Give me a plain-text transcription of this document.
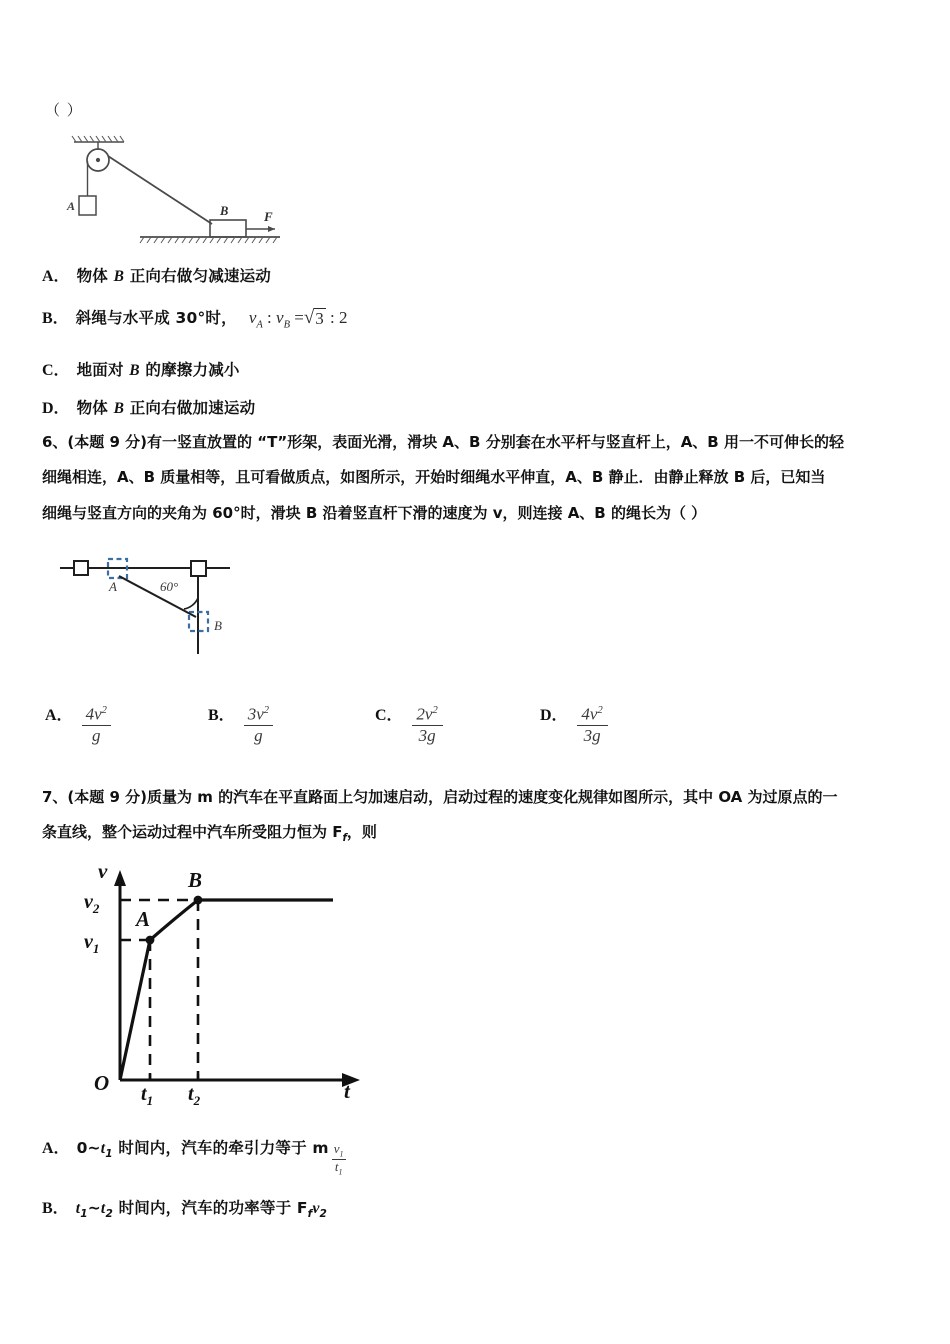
（ ）
A	B	F
A． 物体 B 正向右做匀减速运动
B． 斜绳与水平成 30°时， $v_A$ : $v_B$ = √ 3 : 2
C． 地面对 B 的摩擦力减小
D． 物体 B 正向右做加速运动
6、(本题 9 分)有一竖直放置的 “T”形架，表面光滑，滑块 A、B 分别套在水平杆与竖直杆上，A、B 用一不可伸长的轻
细绳相连，A、B 质量相等，且可看做质点，如图所示，开始时细绳水平伸直，A、B 静止．由静止释放 B 后，已知当
细绳与竖直方向的夹角为 60°时，滑块 B 沿着竖直杆下滑的速度为 v，则连接 A、B 的绳长为（ ）
A
B
60°
A． $\frac{4v^2}{g}$	B． $\frac{3v^2}{g}$	C． $\frac{2v^2}{3g}$	D． $\frac{4v^2}{3g}$
7、(本题 9 分)质量为 m 的汽车在平直路面上匀加速启动，启动过程的速度变化规律如图所示，其中 OA 为过原点的一
条直线，整个运动过程中汽车所受阻力恒为 $F_f$，则
v
t
O
$v_2$
$v_1$
$t_1$ $t_2$
A
B
A． $0\sim t_1$ 时间内，汽车的牵引力等于 m $\frac{v_1}{t_1}$
B． $t_1\sim t_2$ 时间内，汽车的功率等于 $F_fv_2$
